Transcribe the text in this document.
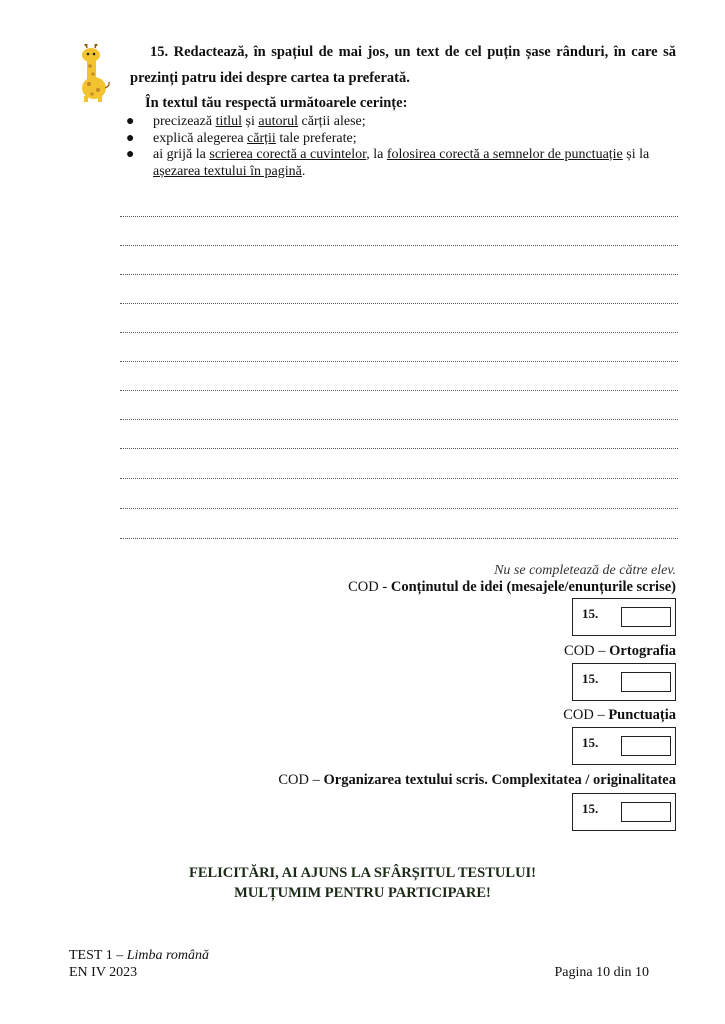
15. Redactează, în spațiul de mai jos, un text de cel puțin șase rânduri, în care să
prezinți patru idei despre cartea ta preferată.
În textul tău respectă următoarele cerințe:
● precizează titlul și autorul cărții alese;
● explică alegerea cărții tale preferate;
● ai grijă la scrierea corectă a cuvintelor, la folosirea corectă a semnelor de punctuație și la așezarea textului în pagină.
Nu se completează de către elev.
COD - Conținutul de idei (mesajele/enunțurile scrise)
15.
COD – Ortografia
15.
COD – Punctuația
15.
COD – Organizarea textului scris. Complexitatea / originalitatea
15.
FELICITĂRI, AI AJUNS LA SFÂRȘITUL TESTULUI!
MULȚUMIM PENTRU PARTICIPARE!
TEST 1 – Limba română
EN IV 2023	Pagina 10 din 10
